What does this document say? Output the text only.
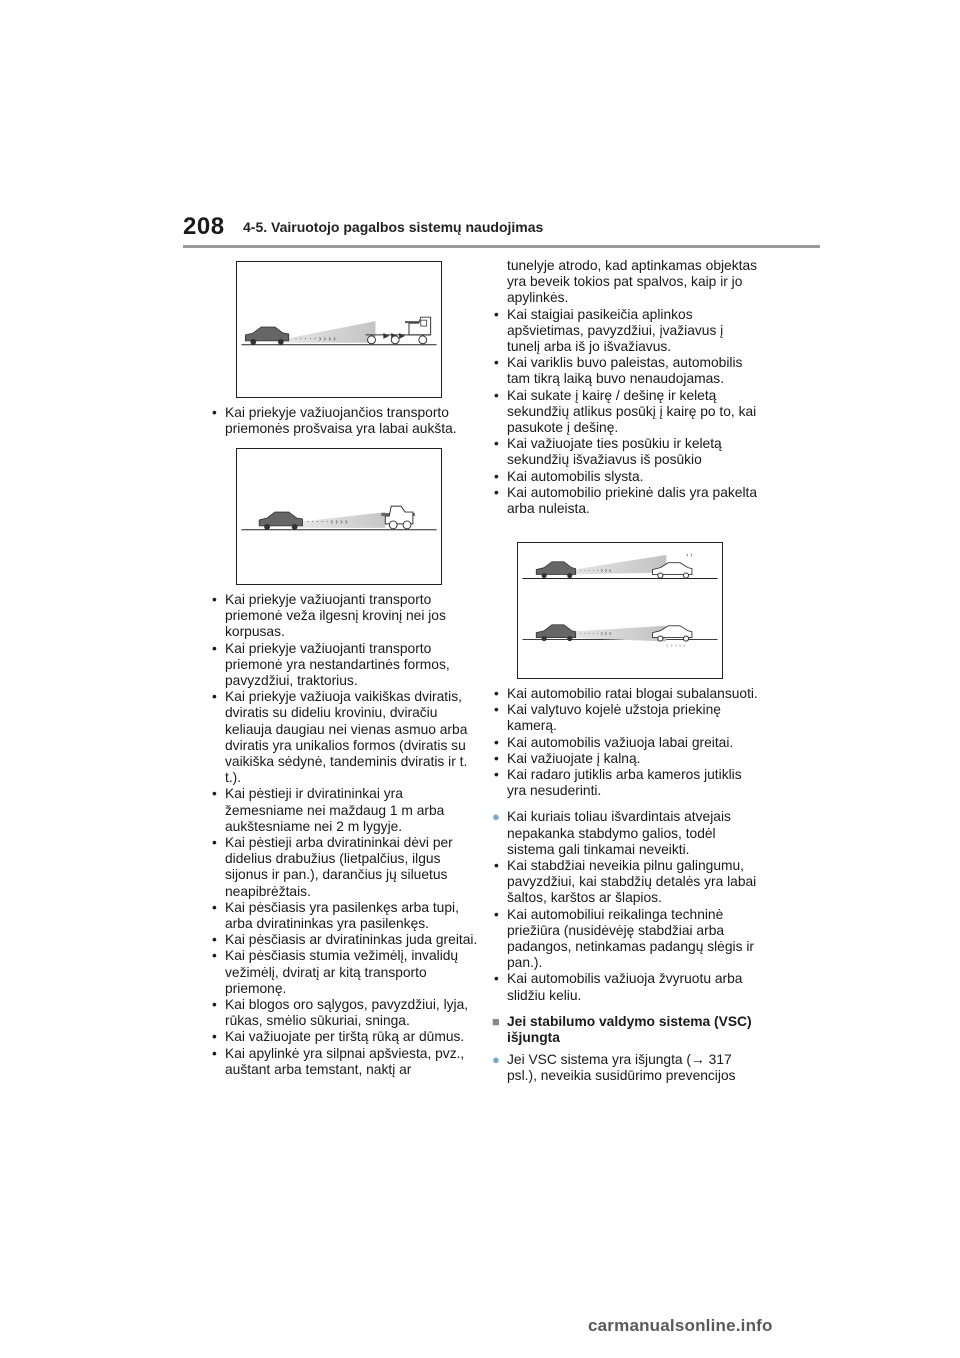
208 4-5. Vairuotojo pagalbos sistemų naudojimas
· · · · · › › › ›
• Kai priekyje važiuojančios transporto priemonės prošvaisa yra labai aukšta.
· · · · · › › › ›
• Kai priekyje važiuojanti transporto priemonė veža ilgesnį krovinį nei jos korpusas.
• Kai priekyje važiuojanti transporto priemonė yra nestandartinės formos, pavyzdžiui, traktorius.
• Kai priekyje važiuoja vaikiškas dviratis, dviratis su dideliu kroviniu, dviračiu keliauja daugiau nei vienas asmuo arba dviratis yra unikalios formos (dviratis su vaikiška sėdynė, tandeminis dviratis ir t. t.).
• Kai pėstieji ir dviratininkai yra žemesniame nei maždaug 1 m arba aukštesniame nei 2 m lygyje.
• Kai pėstieji arba dviratininkai dėvi per didelius drabužius (lietpalčius, ilgus sijonus ir pan.), darančius jų siluetus neapibrėžtais.
• Kai pėsčiasis yra pasilenkęs arba tupi, arba dviratininkas yra pasilenkęs.
• Kai pėsčiasis ar dviratininkas juda greitai.
• Kai pėsčiasis stumia vežimėlį, invalidų vežimėlį, dviratį ar kitą transporto priemonę.
• Kai blogos oro sąlygos, pavyzdžiui, lyja, rūkas, smėlio sūkuriai, sninga.
• Kai važiuojate per tirštą rūką ar dūmus.
• Kai apylinkė yra silpnai apšviesta, pvz., auštant arba temstant, naktį ar
tunelyje atrodo, kad aptinkamas objektas yra beveik tokios pat spalvos, kaip ir jo apylinkės.
• Kai staigiai pasikeičia aplinkos apšvietimas, pavyzdžiui, įvažiavus į tunelį arba iš jo išvažiavus.
• Kai variklis buvo paleistas, automobilis tam tikrą laiką buvo nenaudojamas.
• Kai sukate į kairę / dešinę ir keletą sekundžių atlikus posūkį į kairę po to, kai pasukote į dešinę.
• Kai važiuojate ties posūkiu ir keletą sekundžių išvažiavus iš posūkio
• Kai automobilis slysta.
• Kai automobilio priekinė dalis yra pakelta arba nuleista.
· · · · · › › ›
› ›
· · · · · › › ›
› › › › ›
• Kai automobilio ratai blogai subalansuoti.
• Kai valytuvo kojelė užstoja priekinę kamerą.
• Kai automobilis važiuoja labai greitai.
• Kai važiuojate į kalną.
• Kai radaro jutiklis arba kameros jutiklis yra nesuderinti.
● Kai kuriais toliau išvardintais atvejais nepakanka stabdymo galios, todėl sistema gali tinkamai neveikti.
• Kai stabdžiai neveikia pilnu galingumu, pavyzdžiui, kai stabdžių detalės yra labai šaltos, karštos ar šlapios.
• Kai automobiliui reikalinga techninė priežiūra (nusidėvėję stabdžiai arba padangos, netinkamas padangų slėgis ir pan.).
• Kai automobilis važiuoja žvyruotu arba slidžiu keliu.
■ Jei stabilumo valdymo sistema (VSC) išjungta
● Jei VSC sistema yra išjungta (→ 317 psl.), neveikia susidūrimo prevencijos
carmanualsonline.info
